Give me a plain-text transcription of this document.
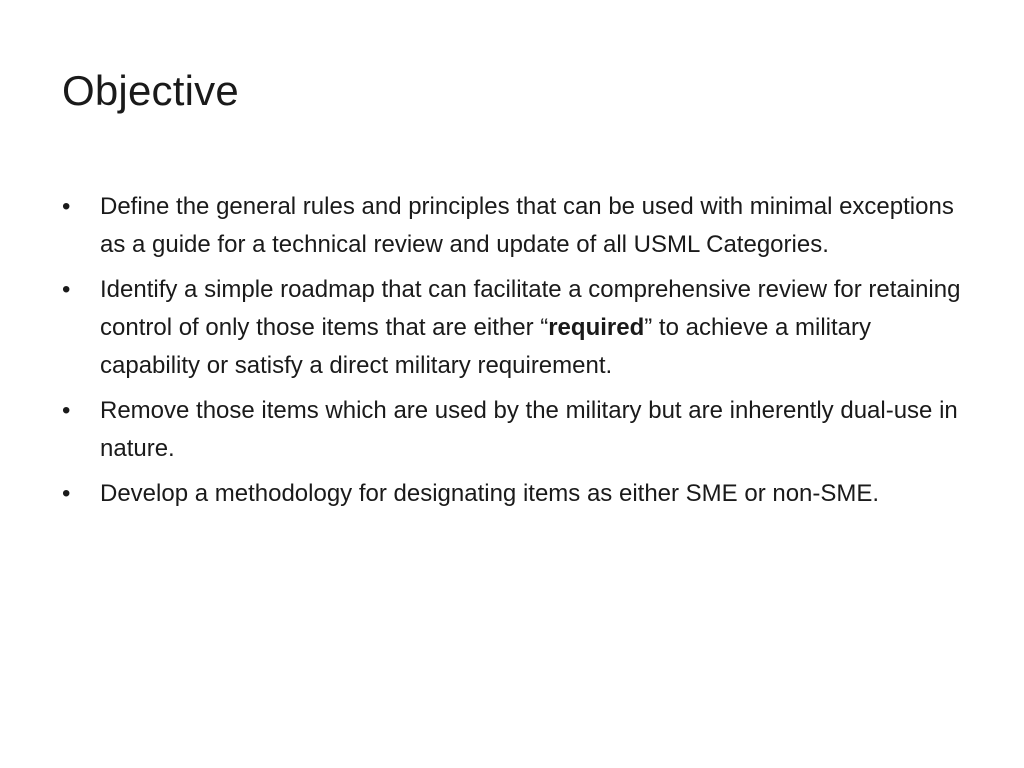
Objective
•	Define the general rules and principles that can be used with minimal exceptions as a guide for a technical review and update of all USML Categories.
•	Identify a simple roadmap that can facilitate a comprehensive review for retaining control of only those items that are either “required” to achieve a military capability or satisfy a direct military requirement.
•	Remove those items which are used by the military but are inherently dual-use in nature.
•	Develop a methodology for designating items as either SME or non-SME.
